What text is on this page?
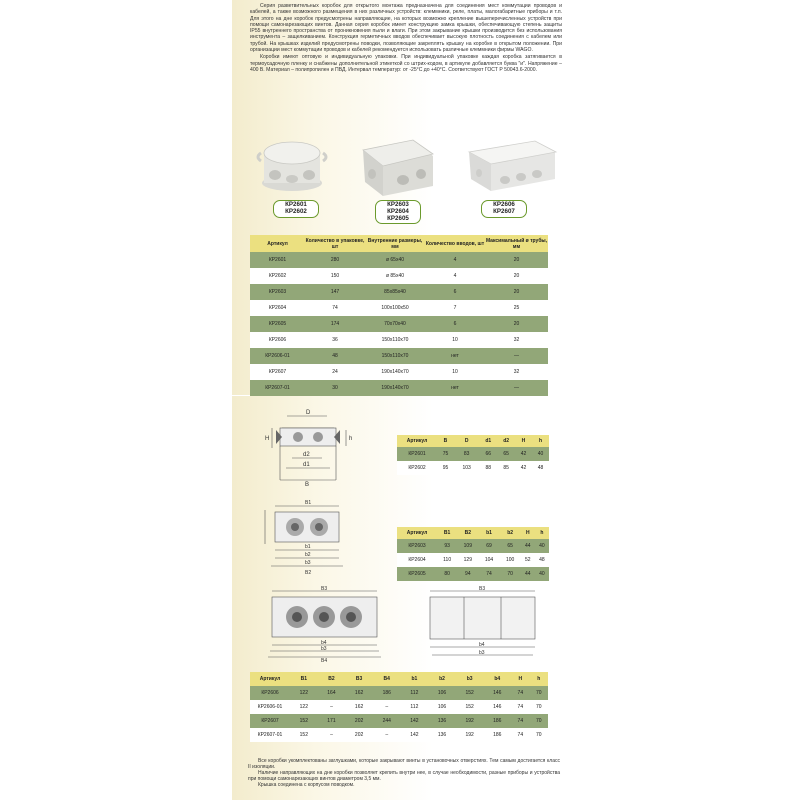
Серия разветвительных коробок для открытого монтажа предназначена для соединения мест коммутации проводов и кабелей, а также возможного размещения в них различных устройств: клеммники, реле, платы, малогабаритные приборы и т.п. Для этого на дне коробок предусмотрены направляющие, на которых возможно крепление вышеперечисленных устройств при помощи самонарезающих винтов. Данная серия коробок имеет конструкцию замка крышки, обеспечивающую степень защиты IP55 внутреннего пространства от проникновения пыли и влаги. При этом закрывание крышки производится без использования инструмента – защелкиванием. Конструкция герметичных вводов обеспечивает высокую плотность соединения с кабелем или трубой. На крышках изделий предусмотрены поводки, позволяющие закреплять крышку на коробке в открытом положении. При организации мест коммутации проводов и кабелей рекомендуется использовать различные клеммники фирмы WAGO.

Коробки имеют оптовую и индивидуальную упаковки. При индивидуальной упаковке каждая коробка затягивается в термоусадочную пленку и снабжены дополнительной этикеткой со штрих-кодом, в артикуле добавляется буква "и". Напряжение – 400 В. Материал – полипропилен и ПВД. Интервал температур: от -25°С до +40°С. Соответствуют ГОСТ Р 50043.6-2000.

КР2601
КР2602
КР2603
КР2604
КР2605
КР2606
КР2607
Артикул	Количество в упаковке, шт	Внутренние размеры, мм	Количество вводов, шт	Максимальный ø трубы, мм
КР2601	280	ø 65х40	4	20
КР2602	150	ø 85х40	4	20
КР2603	147	85х85х40	6	20
КР2604	74	100х100х50	7	25
КР2605	174	70х70х40	6	20
КР2606	36	150х110х70	10	32
КР2606-01	48	150х110х70	нет	—
КР2607	24	190х140х70	10	32
КР2607-01	30	190х140х70	нет	—
D
d2
d1
B
H	h	Артикул	B	D	d1	d2	H	h
КР2601	75	83	66	65	42	40
КР2602	95	103	88	85	42	48
B1
b1
b2
b3
B2
Артикул	B1	B2	b1	b2	H	h
КР2603	93	109	69	65	44	40
КР2604	110	129	104	100	52	48
КР2605	80	94	74	70	44	40
B3
b4
b3
B4
B3
b4
b3
Артикул	B1	B2	B3	B4	b1	b2	b3	b4	H	h
КР2606	122	164	162	186	112	106	152	146	74	70
КР2606-01	122	–	162	–	112	106	152	146	74	70
КР2607	152	171	202	244	142	136	192	186	74	70
КР2607-01	152	–	202	–	142	136	192	186	74	70

Все коробки укомплектованы заглушками, которые закрывают винты в установочных отверстиях. Тем самым достигается класс II изоляции.

Наличие направляющих на дне коробки позволяет крепить внутри нее, в случае необходимости, разные приборы и устройства при помощи самонарезающих винтов диаметром 3,5 мм.

Крышка соединена с корпусом поводком.
